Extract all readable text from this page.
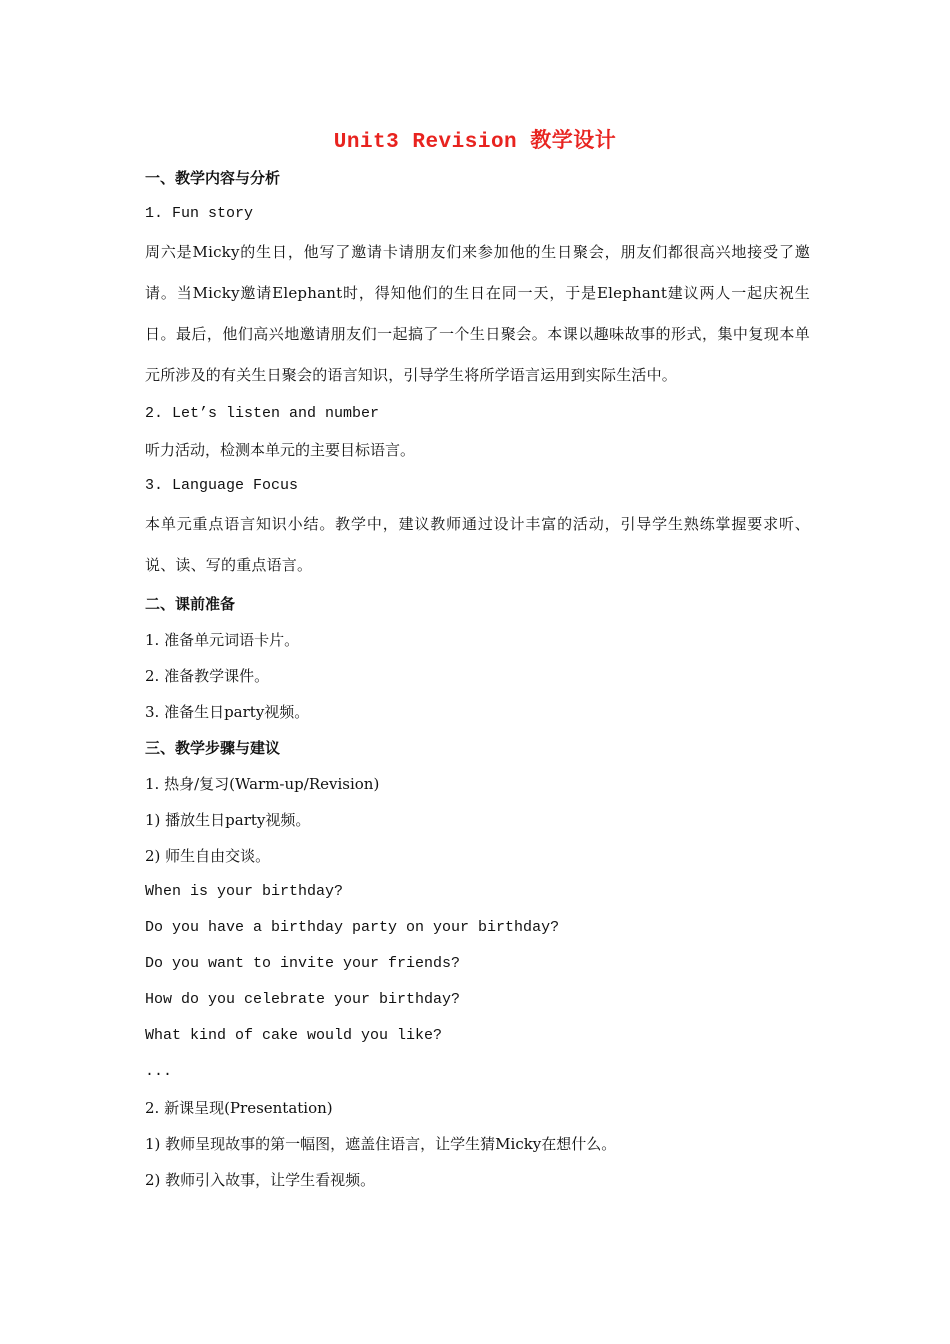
Unit3 Revision 教学设计
一、教学内容与分析
1. Fun story
周六是Micky的生日，他写了邀请卡请朋友们来参加他的生日聚会，朋友们都很高兴地接受了邀请。当Micky邀请Elephant时，得知他们的生日在同一天，于是Elephant建议两人一起庆祝生日。最后，他们高兴地邀请朋友们一起搞了一个生日聚会。本课以趣味故事的形式，集中复现本单元所涉及的有关生日聚会的语言知识，引导学生将所学语言运用到实际生活中。
2. Let’s listen and number
听力活动，检测本单元的主要目标语言。
3. Language Focus
本单元重点语言知识小结。教学中，建议教师通过设计丰富的活动，引导学生熟练掌握要求听、说、读、写的重点语言。
二、课前准备
1. 准备单元词语卡片。
2. 准备教学课件。
3. 准备生日party视频。
三、教学步骤与建议
1. 热身/复习(Warm-up/Revision)
1) 播放生日party视频。
2) 师生自由交谈。
When is your birthday?
Do you have a birthday party on your birthday?
Do you want to invite your friends?
How do you celebrate your birthday?
What kind of cake would you like?
...
2. 新课呈现(Presentation)
1) 教师呈现故事的第一幅图，遮盖住语言，让学生猜Micky在想什么。
2) 教师引入故事，让学生看视频。
